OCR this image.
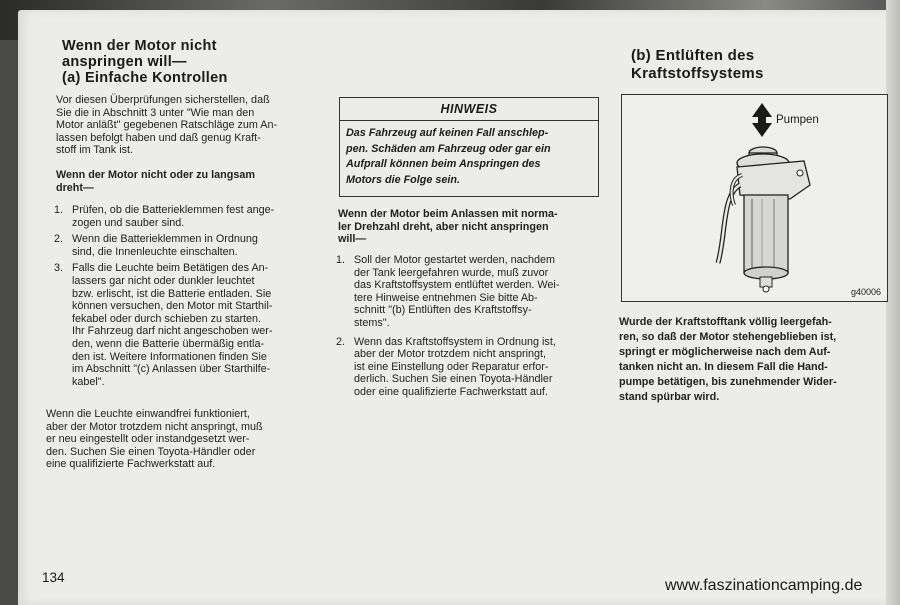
Wenn der Motor nicht
anspringen will—
(a) Einfache Kontrollen
Vor diesen Überprüfungen sicherstellen, daß
Sie die in Abschnitt 3 unter "Wie man den
Motor anläßt" gegebenen Ratschläge zum An-
lassen befolgt haben und daß genug Kraft-
stoff im Tank ist.
Wenn der Motor nicht oder zu langsam
dreht—
1. Prüfen, ob die Batterieklemmen fest ange-
zogen und sauber sind.
2. Wenn die Batterieklemmen in Ordnung
sind, die Innenleuchte einschalten.
3. Falls die Leuchte beim Betätigen des An-
lassers gar nicht oder dunkler leuchtet
bzw. erlischt, ist die Batterie entladen. Sie
können versuchen, den Motor mit Starthil-
fekabel oder durch schieben zu starten.
Ihr Fahrzeug darf nicht angeschoben wer-
den, wenn die Batterie übermäßig entla-
den ist. Weitere Informationen finden Sie
im Abschnitt "(c) Anlassen über Starthilfe-
kabel".
Wenn die Leuchte einwandfrei funktioniert,
aber der Motor trotzdem nicht anspringt, muß
er neu eingestellt oder instandgesetzt wer-
den. Suchen Sie einen Toyota-Händler oder
eine qualifizierte Fachwerkstatt auf.
134
HINWEIS
Das Fahrzeug auf keinen Fall anschlep-
pen. Schäden am Fahrzeug oder gar ein
Aufprall können beim Anspringen des
Motors die Folge sein.
Wenn der Motor beim Anlassen mit norma-
ler Drehzahl dreht, aber nicht anspringen
will—
1. Soll der Motor gestartet werden, nachdem
der Tank leergefahren wurde, muß zuvor
das Kraftstoffsystem entlüftet werden. Wei-
tere Hinweise entnehmen Sie bitte Ab-
schnitt "(b) Entlüften des Kraftstoffsy-
stems".
2. Wenn das Kraftstoffsystem in Ordnung ist,
aber der Motor trotzdem nicht anspringt,
ist eine Einstellung oder Reparatur erfor-
derlich. Suchen Sie einen Toyota-Händler
oder eine qualifizierte Fachwerkstatt auf.
(b) Entlüften des
Kraftstoffsystems
Pumpen
g40006
Wurde der Kraftstofftank völlig leergefah-
ren, so daß der Motor stehengeblieben ist,
springt er möglicherweise nach dem Auf-
tanken nicht an. In diesem Fall die Hand-
pumpe betätigen, bis zunehmender Wider-
stand spürbar wird.
www.faszinationcamping.de
